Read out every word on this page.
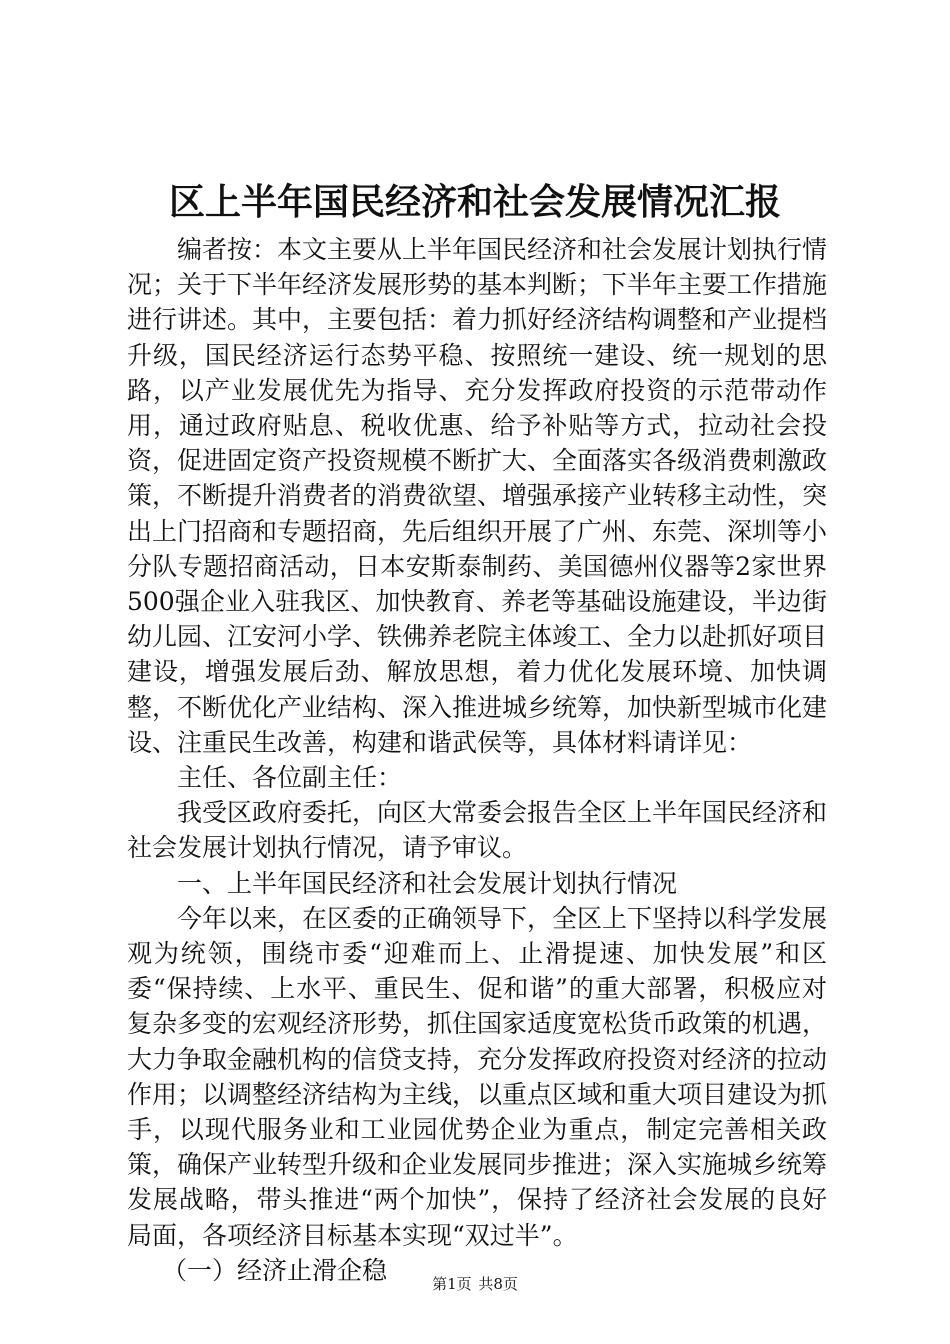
区上半年国民经济和社会发展情况汇报

编者按：本文主要从上半年国民经济和社会发展计划执行情况；关于下半年经济发展形势的基本判断；下半年主要工作措施进行讲述。其中，主要包括：着力抓好经济结构调整和产业提档升级，国民经济运行态势平稳、按照统一建设、统一规划的思路，以产业发展优先为指导、充分发挥政府投资的示范带动作用，通过政府贴息、税收优惠、给予补贴等方式，拉动社会投资，促进固定资产投资规模不断扩大、全面落实各级消费刺激政策，不断提升消费者的消费欲望、增强承接产业转移主动性，突出上门招商和专题招商，先后组织开展了广州、东莞、深圳等小分队专题招商活动，日本安斯泰制药、美国德州仪器等2家世界500强企业入驻我区、加快教育、养老等基础设施建设，半边街幼儿园、江安河小学、铁佛养老院主体竣工、全力以赴抓好项目建设，增强发展后劲、解放思想，着力优化发展环境、加快调整，不断优化产业结构、深入推进城乡统筹，加快新型城市化建设、注重民生改善，构建和谐武侯等，具体材料请详见：

主任、各位副主任：

我受区政府委托，向区大常委会报告全区上半年国民经济和社会发展计划执行情况，请予审议。

一、上半年国民经济和社会发展计划执行情况

今年以来，在区委的正确领导下，全区上下坚持以科学发展观为统领，围绕市委“迎难而上、止滑提速、加快发展”和区委“保持续、上水平、重民生、促和谐”的重大部署，积极应对复杂多变的宏观经济形势，抓住国家适度宽松货币政策的机遇，大力争取金融机构的信贷支持，充分发挥政府投资对经济的拉动作用；以调整经济结构为主线，以重点区域和重大项目建设为抓手，以现代服务业和工业园优势企业为重点，制定完善相关政策，确保产业转型升级和企业发展同步推进；深入实施城乡统筹发展战略，带头推进“两个加快”，保持了经济社会发展的良好局面，各项经济目标基本实现“双过半”。

（一）经济止滑企稳	第1页 共8页
